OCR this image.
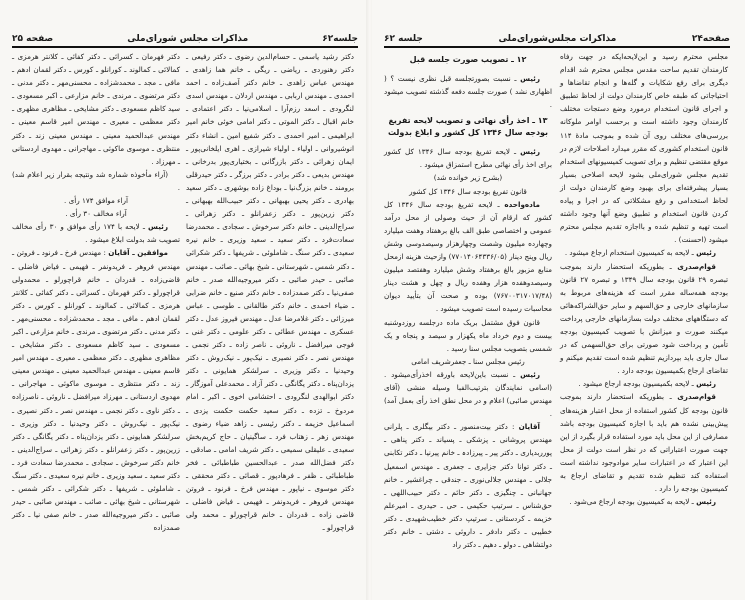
جلسه‌۶۲
مذاکرات مجلس شورای‌ملی
صفحه ۲۵

دکتر رشید یاسمی ـ حسام‌الدین رضوی ـ دکتر رفیعی ـ دکتر رهنوردی ـ ریاضی ـ ریگی ـ خانم هما زاهدی ـ مهندس عباس زاهدی ـ خانم دکتر آصف‌زاده ـ احمد احمدی ـ مهندس اربابی ـ مهندس اردلان ـ مهندس اسدی لنگرودی ـ اسعد رزم‌آرا ـ اسلامی‌نیا ـ دکتر اعتمادی ـ خانم اقبال ـ دکتر الموتی ـ دکتر امامی خوئی خانم امیر ابراهیمی ـ امیر احمدی ـ دکتر شفیع امین ـ انشاء دکتر انوشیروانی ـ اولیاء ـ اولیاء شیرازی ـ اهری ایلخانی‌پور ـ ایمان زهرائی ـ دکتر بازرگانی ـ بختیاری‌پور بدرخانی ـ مهندس بدیعی ـ دکتر برادر ـ دکتر برزگر ـ دکتر حیدرقلی برومند ـ خانم بزرگ‌نیا ـ بوداغ زاده بوشهری ـ دکتر سعید بهادری ـ دکتر یحیی بهبهانی ـ دکتر حبیب‌الله بهبهانی ـ دکتر زرین‌پور ـ دکتر زعفرانلو ـ دکتر زهرائی ـ سراج‌الدینی ـ خانم دکتر سرخوش ـ سجادی ـ محمدرضا سعادت‌فرد ـ دکتر سعید ـ سعید وزیری ـ خانم نیره سعیدی ـ دکتر سنگ ـ شاملوئی ـ شریفها ـ دکتر شکرائی ـ دکتر شمس ـ شهرستانی ـ شیخ بهائی ـ صائب ـ مهندس صائبی ـ حیدر صائبی ـ دکتر میروجیه‌الله صدر ـ خانم صفی‌نیا ـ دکتر صمدزاده ـ خانم دکتر صنیع ـ خانم ضرابی ـ ضیاء احمدی ـ خانم دکتر طالقانی ـ طوسی ـ عباس میرزائی ـ دکتر غلامرضا عدل ـ مهندس فیروز عدل ـ دکتر عسکری ـ مهندس عطائی ـ دکتر علومی ـ دکتر غنی ـ فوجی میرافضل ـ ناروئی ـ ناصر زاده ـ دکتر نجمی ـ مهندس نصر ـ دکتر نصیری ـ نیک‌پور ـ نیک‌روش ـ دکتر وحیدنیا ـ دکتر وزیری ـ سرلشکر همایونی ـ دکتر یزدان‌پناه ـ دکتر یگانگی ـ دکتر آزاد ـ محمدعلی آموزگار ـ دکتر ابوالهدی لنگرودی ـ احتشامی اخوی ـ اکبر ـ امام مردوخ ـ تزده ـ دکتر سعید حکمت حکمت یزدی ـ اسماعیل خزیمه ـ دکتر رئیسی ـ زاهد ضیاء رضوی ـ مهندس زهر ـ زهتاب فرد ـ ساگینیان ـ حاج کریم‌بخش سعیدی ـ علیقلی سمیعی ـ دکتر شریف امامی ـ صادقی ـ دکتر فضل‌الله صدر ـ عبدالحسین طباطبائی ـ فخر طباطبائی ـ ظفر ـ فرهادپور ـ قصائی ـ دکتر محققی ـ دکتر موسوی ـ نیاپور ـ مهندس فرخ ـ فرنود ـ فروتن مهندس فروهر ـ فریدونفر ـ فهیمی ـ فیاض فاضلی ـ قاضی زاده ـ قدردان ـ خانم قراچورلو ـ محمد ولی قراچورلو ـ

دکتر فهرمان ـ کسرائی ـ دکتر کفائی ـ کلانتر هرمزی ـ کمالائی ـ کمالوند ـ کورانلو ـ کورس ـ دکتر لقمان ادهم ـ مافی ـ مجد ـ محمدشزاده ـ محسنی‌مهر ـ دکتر مدنی ـ دکتر مرتضوی ـ مرندی ـ خانم مزارعی ـ اکبر مسعودی ـ سید کاظم مسعودی ـ دکتر مشایخی ـ مظاهری مظهری ـ دکتر معظمی ـ معیری ـ مهندس امیر قاسم معینی ـ مهندس عبدالحمید معینی ـ مهندس معینی زند ـ دکتر منتظری ـ موسوی ماکوئی ـ مهاجرانی ـ مهدوی اردستانی ـ مهرزاد .

(آراء مأخوذه شماره شد ونتیجه بقرار زیر اعلام شد) .

آراء موافق ۱۷۴ رأی .

آراء مخالف ۳۰ رأی .

رئیس ـ لایحه با ۱۷۴ رأی موافق و ۳۰ رأی مخالف تصویب شد بدولت ابلاغ میشود .

موافقین ـ آقایان : مهندس فرخ ـ فرنود ـ فروتن ـ مهندس فروهر ـ فریدونفر ـ فهیمی ـ فیاض فاضلی ـ قاضی‌زاده ـ قدردان ـ خانم قراچورلو ـ محمدولی قراچورلو ـ دکتر فهرمان ـ کسرائی ـ دکتر کفائی ـ کلانتر هرمزی ـ کمالائی ـ کمالوند ـ کورانلو ـ کورس ـ دکتر لقمان ادهم ـ مافی ـ مجد ـ محمدشزاده ـ محسنی‌مهر ـ دکتر مدنی ـ دکتر مرتضوی ـ مرندی ـ خانم مزارعی ـ اکبر مسعودی ـ سید کاظم مسعودی ـ دکتر مشایخی ـ مظاهری مظهری ـ دکتر معظمی ـ معیری ـ مهندس امیر قاسم معینی ـ مهندس عبدالحمید معینی ـ مهندس معینی زند ـ دکتر منتظری ـ موسوی ماکوئی ـ مهاجرانی ـ مهدوی اردستانی ـ مهرزاد میرافضل ـ ناروئی ـ ناصرزاده ـ دکتر ناوی ـ دکتر نجمی ـ مهندس نصر ـ دکتر نصیری ـ نیک‌پور ـ نیک‌روش ـ دکتر وحیدنیا ـ دکتر وزیری ـ سرلشکر همایونی ـ دکتر یزدان‌پناه ـ دکتر یگانگی ـ دکتر زرین‌پور ـ دکتر زعفرانلو ـ دکتر زهرائی ـ سراج‌الدینی ـ خانم دکتر سرخوش ـ سجادی ـ محمدرضا سعادت فرد ـ دکتر سعید ـ سعید وزیری ـ خانم نیره سعیدی ـ دکتر سنگ ـ شاملوئی ـ شریفها ـ دکتر شکرائی ـ دکتر شمس ـ شهرستانی ـ شیخ بهائی ـ صائب ـ مهندس صائبی ـ حیدر صائبی ـ دکتر میروجیه‌الله صدر ـ خانم صفی نیا ـ دکتر صمدزاده

صفحه۲۴
مذاکرات مجلس‌شورای‌ملی
جلسه ۶۲

مجلس محترم رسید و این‌لایحه‌ایکه در جهت رفاه کارمندان تقدیم ساحت مقدس مجلس محترم شد اقدام دیگری برای رفع شکایات و گله‌ها و انجام تقاضاها و احتیاجاتی که طبقه خاص کارمندان دولت از لحاظ تطبیق و اجرای قانون استخدام درمورد وضع دستجات مختلف کارمندان وجود داشته است و برحسب اوامر ملوکانه بررسی‌های مختلف روی آن شده و بموجب مادهٔ ۱۱۴ قانون استخدام کشوری که مقرر میدارد اصلاحات لازم در موقع مقتضی تنظیم و برای تصویب کمیسیونهای استخدام تقدیم مجلس شورای‌ملی بشود لایحه اصلاحی بسیار بسیار پیشرفته‌ای برای بهبود وضع کارمندان دولت از لحاظ استخدامی و رفع مشکلاتی که در اجرا و پیاده کردن قانون استخدام و تطبیق وضع آنها وجود داشته است تهیه و تنظیم شده و بااجازه تقدیم مجلس محترم میشود (احسنت) .

رئیس ـ لایحه به کمیسیون استخدام ارجاع میشود .

قوام‌صدری ـ بطوریکه استحضار دارند بموجب تبصره ۲۹ قانون بودجه سال ۱۳۴۹ و تبصره ۲۷ قانون بودجه همه‌ساله مقرر است که هزینه‌های مربوط به سازمانهای خارجی و حق‌السهم و سایر حق‌الشراکه‌هائی که دستگاههای مختلف دولت بسازمانهای خارجی پرداخت میکنند صورت و میزانش با تصویب کمیسیون بودجه تأمین و پرداخت شود صورتی برای حق‌السهمی که در سال جاری باید بپردازیم تنظیم شده است تقدیم میکنم و تقاضای ارجاع بکمیسیون بودجه دارد .

رئیس ـ لایحه بکمیسیون بودجه ارجاع میشود .

قوام‌صدری ـ بطوریکه استحضار دارند بموجب قانون بودجه کل کشور استفاده از محل اعتبار هزینه‌های پیش‌بینی نشده هم باید با اجازه کمیسیون بودجه باشد مصارفی از این محل باید مورد استفاده قرار بگیرد از این جهت صورت اعتباراتی که در نظر است دولت از محل این اعتبار که در اعتبارات سایر موادوجود نداشته است استفاده کند تنظیم شده تقدیم و تقاضای ارجاع به کمیسیون بودجه را دارد .

رئیس ـ لایحه به کمیسیون بودجه ارجاع می‌شود .

۱۲ ـ تصویب صورت جلسه قبل

رئیس ـ نسبت بصورتجلسه قبل نظری نیست ؟ ( اظهاری نشد ) صورت جلسه دفعه گذشته تصویب میشود .

۱۳ ـ اخذ رأی نهائی و تصویب لایحه تفریغ بودجه سال ۱۳۴۶ کل کشور و ابلاغ بدولت

رئیس ـ لایحه تفریغ بودجه سال ۱۳۴۶ کل کشور برای اخذ رأی نهائی مطرح استمزاق میشود .

(بشرح زیر خوانده شد)

قانون تفریغ بودجه سال ۱۳۴۶ کل کشور

ماده‌واحده ـ لایحه تفریغ بودجه سال ۱۳۴۶ کل کشور که ارقام آن از حیث وصولی از محل درآمد عمومی و اختصاصی طبق الف بالغ برهفتاد وهفت میلیارد وچهارده میلیون وشصت وچهارهزار وسیصدوسی وشش ریال وپنج دینار (۷۷۰۱۴۰۶۴۳۳۶/۰۵) وازحیث هزینه ازمحل منابع مزبور بالغ برهفتاد وشش میلیارد وهفتصد میلیون وسیصدوهفده هزار وهفده ریال و چهل و هشت دینار (۷۶۷۰۰۳۱۷۰۱۷/۴۸) بوده و صحت آن بتأیید دیوان محاسبات رسیده است تصویب میشود .

قانون فوق مشتمل بریک ماده درجلسه روزدوشنبه بیست و دوم خرداد ماه یکهزار و سیصد و پنجاه و یک شمسی بتصویب مجلس سنا رسید .

رئیس مجلس سنا ـ جعفرشریف امامی

رئیس ـ نسبت باین‌لایحه باورقه اخذرأی‌میشود . (اسامی نمایندگان بترتیب‌الفبا وسیله منشی (آقای مهندس صائبی) اعلام و در محل نطق اخذ رأی بعمل آمد) .

آقایان : دکتر بیت‌منصور ـ دکتر بیگلری ـ پلرانی مهندس پروشانی ـ پزشکی ـ پسیاند ـ دکتر پناهی ـ پورربدیاری ـ دکتر پیر ـ پیرزادہ ـ خانم پیرنیا ـ دکتر تکابنی ـ دکتر توانا دکتر جزایری ـ جعفری ـ مهندس اسمعیل جلالی ـ مهندس جلالی‌نوری ـ جندقی ـ چراغشیر ـ خانم جهانبانی ـ چنگیزی ـ دکتر حائم ـ دکتر حبیب‌اللهی ـ حق‌شناس ـ سرتیپ حکیمی ـ حی ـ حیدری ـ امیرعلم خزیمه ـ کردستانی ـ سرتیپ دکتر خطیب‌شهیدی ـ دکتر خطیبی ـ دکتر دادفر ـ داروئی ـ دشتی ـ خانم دکتر دولتشاهی ـ دولو ـ دهیم ـ دکتر راد
